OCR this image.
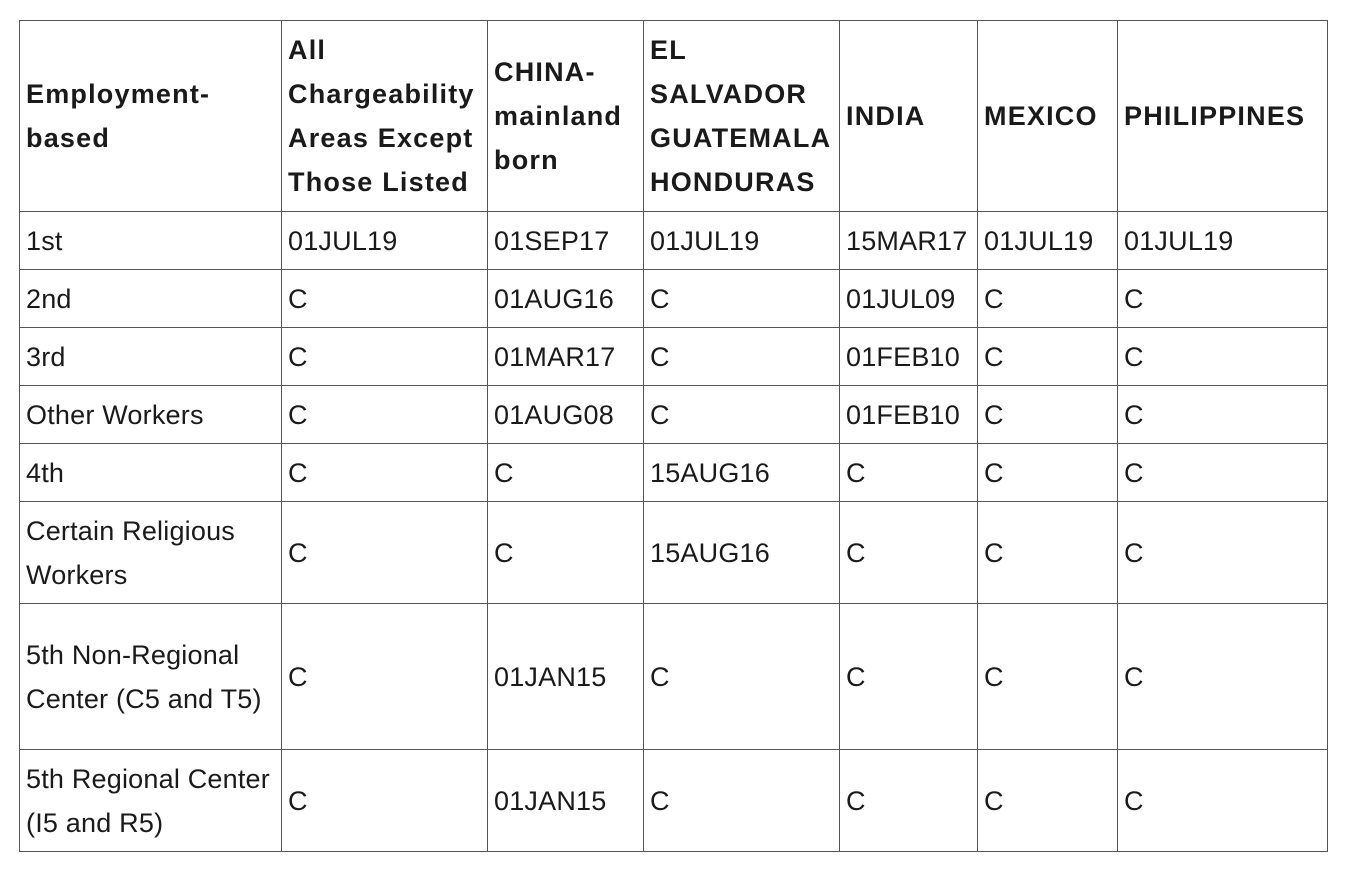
Employment-based	All Chargeability Areas Except Those Listed	CHINA-mainland born	EL SALVADOR GUATEMALA HONDURAS	INDIA	MEXICO	PHILIPPINES
1st	01JUL19	01SEP17	01JUL19	15MAR17	01JUL19	01JUL19
2nd	C	01AUG16	C	01JUL09	C	C
3rd	C	01MAR17	C	01FEB10	C	C
Other Workers	C	01AUG08	C	01FEB10	C	C
4th	C	C	15AUG16	C	C	C
Certain Religious Workers	C	C	15AUG16	C	C	C
5th Non-Regional Center (C5 and T5)	C	01JAN15	C	C	C	C
5th Regional Center (I5 and R5)	C	01JAN15	C	C	C	C
